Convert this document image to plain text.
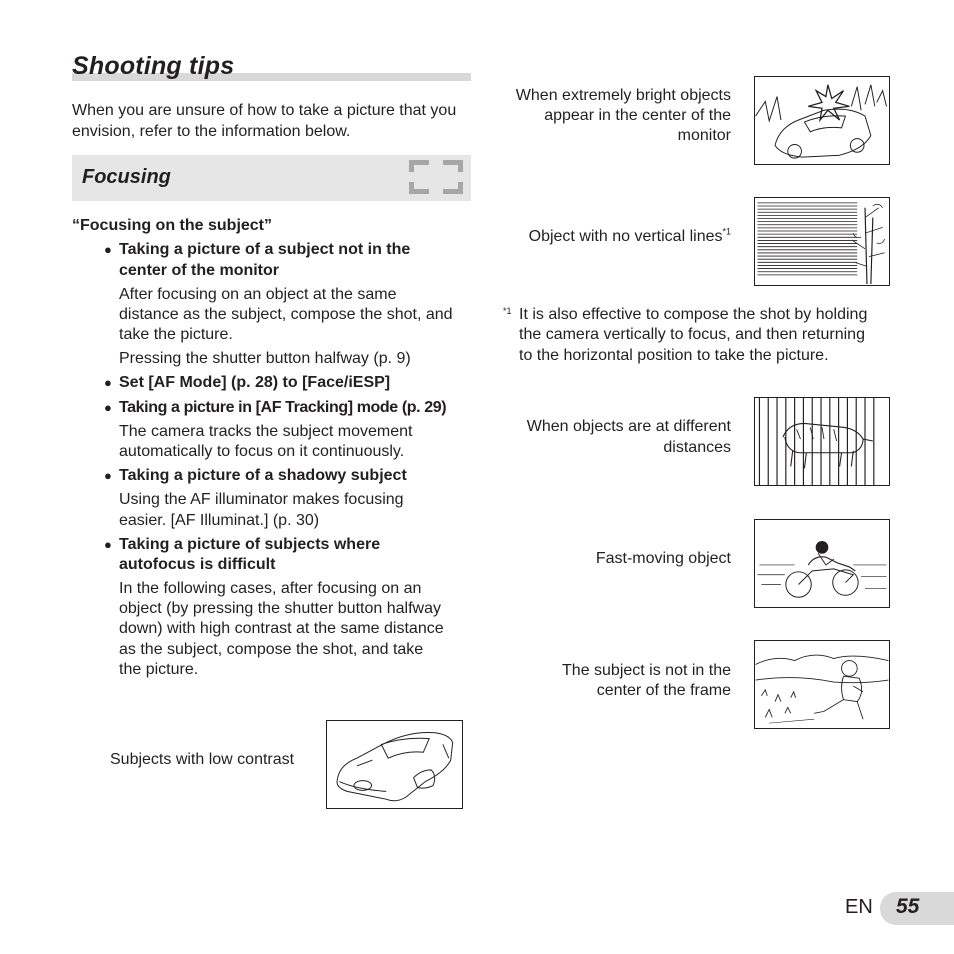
Shooting tips
When you are unsure of how to take a picture that you envision, refer to the information below.
Focusing
“Focusing on the subject”
● Taking a picture of a subject not in the
center of the monitor
After focusing on an object at the same
distance as the subject, compose the shot, and
take the picture.
Pressing the shutter button halfway (p. 9)
● Set [AF Mode] (p. 28) to [Face/iESP]
● Taking a picture in [AF Tracking] mode (p. 29)
The camera tracks the subject movement
automatically to focus on it continuously.
● Taking a picture of a shadowy subject
Using the AF illuminator makes focusing
easier. [AF Illuminat.] (p. 30)
● Taking a picture of subjects where
autofocus is difficult
In the following cases, after focusing on an
object (by pressing the shutter button halfway
down) with high contrast at the same distance
as the subject, compose the shot, and take
the picture.
Subjects with low contrast
When extremely bright objects
appear in the center of the
monitor
Object with no vertical lines$^{*1}$
*1 It is also effective to compose the shot by holding
the camera vertically to focus, and then returning
to the horizontal position to take the picture.
When objects are at different
distances
Fast-moving object
The subject is not in the
center of the frame
EN 55
